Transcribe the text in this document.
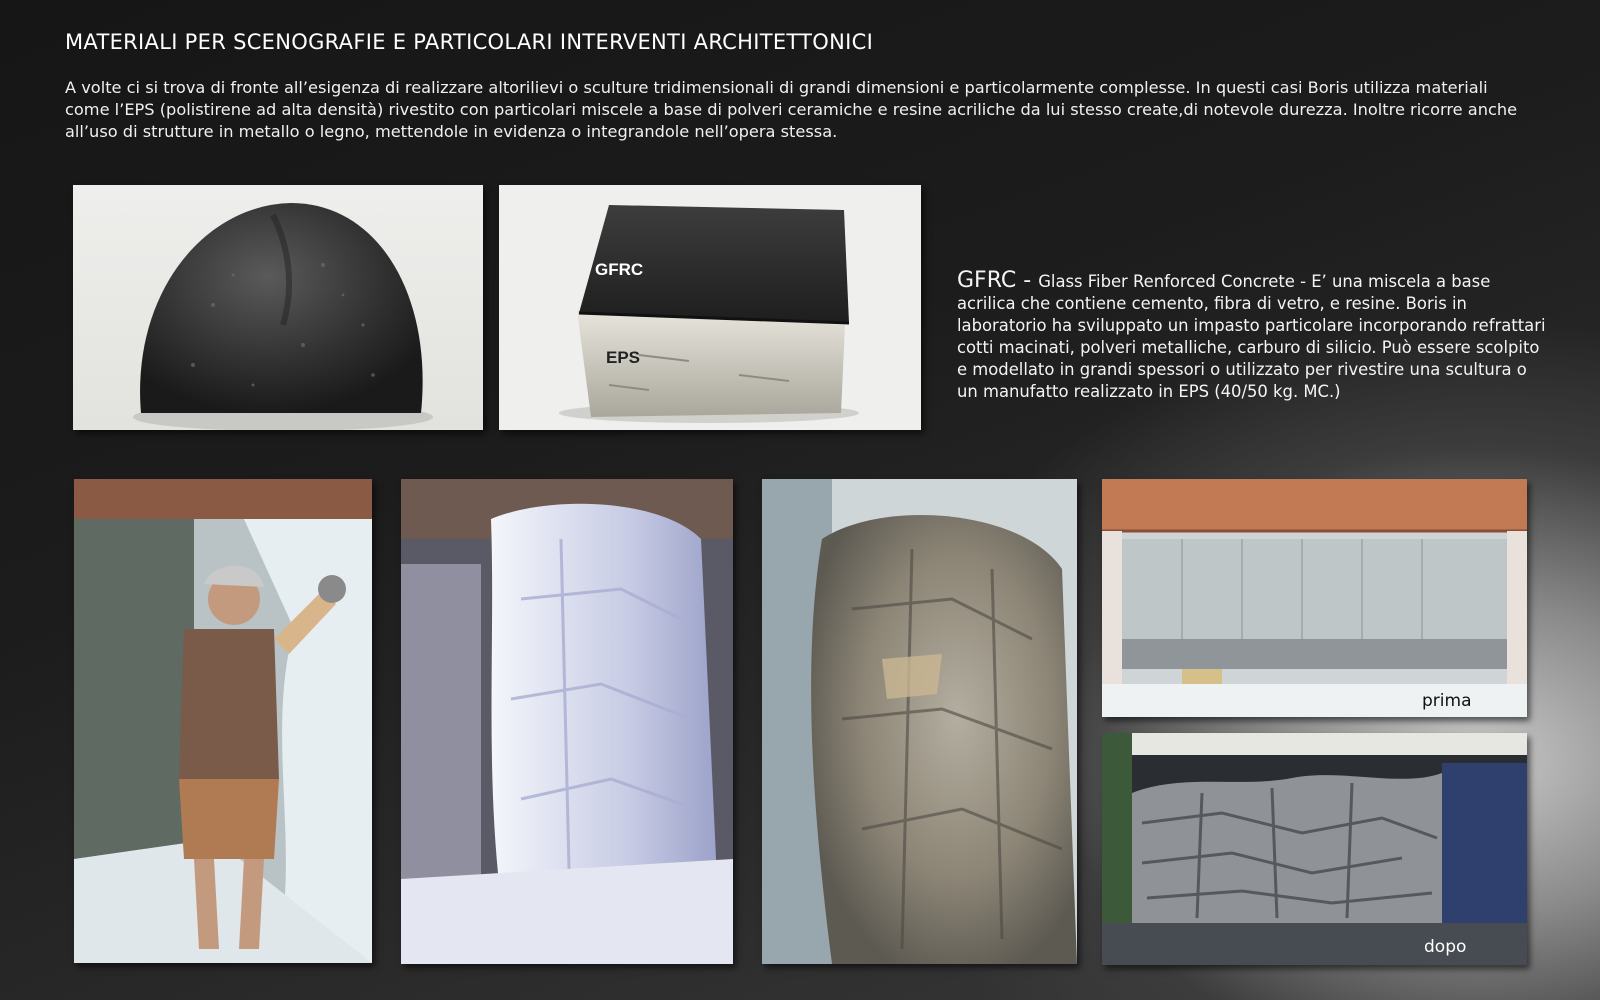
MATERIALI PER SCENOGRAFIE E PARTICOLARI INTERVENTI ARCHITETTONICI
A volte ci si trova di fronte all’esigenza di realizzare altorilievi o sculture tridimensionali di grandi dimensioni e particolarmente complesse. In questi casi Boris utilizza materiali come l’EPS (polistirene ad alta densità) rivestito con particolari miscele a base di polveri ceramiche e resine acriliche da lui stesso create,di notevole durezza. Inoltre ricorre anche all’uso di strutture in metallo o legno, mettendole in evidenza o integrandole nell’opera stessa.
GFRC
EPS
GFRC - Glass Fiber Renforced Concrete - E’ una miscela a base acrilica che contiene cemento, fibra di vetro, e resine. Boris in laboratorio ha sviluppato un impasto particolare incorporando refrattari cotti macinati, polveri metalliche, carburo di silicio. Può essere scolpito e modellato in grandi spessori o utilizzato per rivestire una scultura o un manufatto realizzato in EPS (40/50 kg. MC.)
prima
dopo
